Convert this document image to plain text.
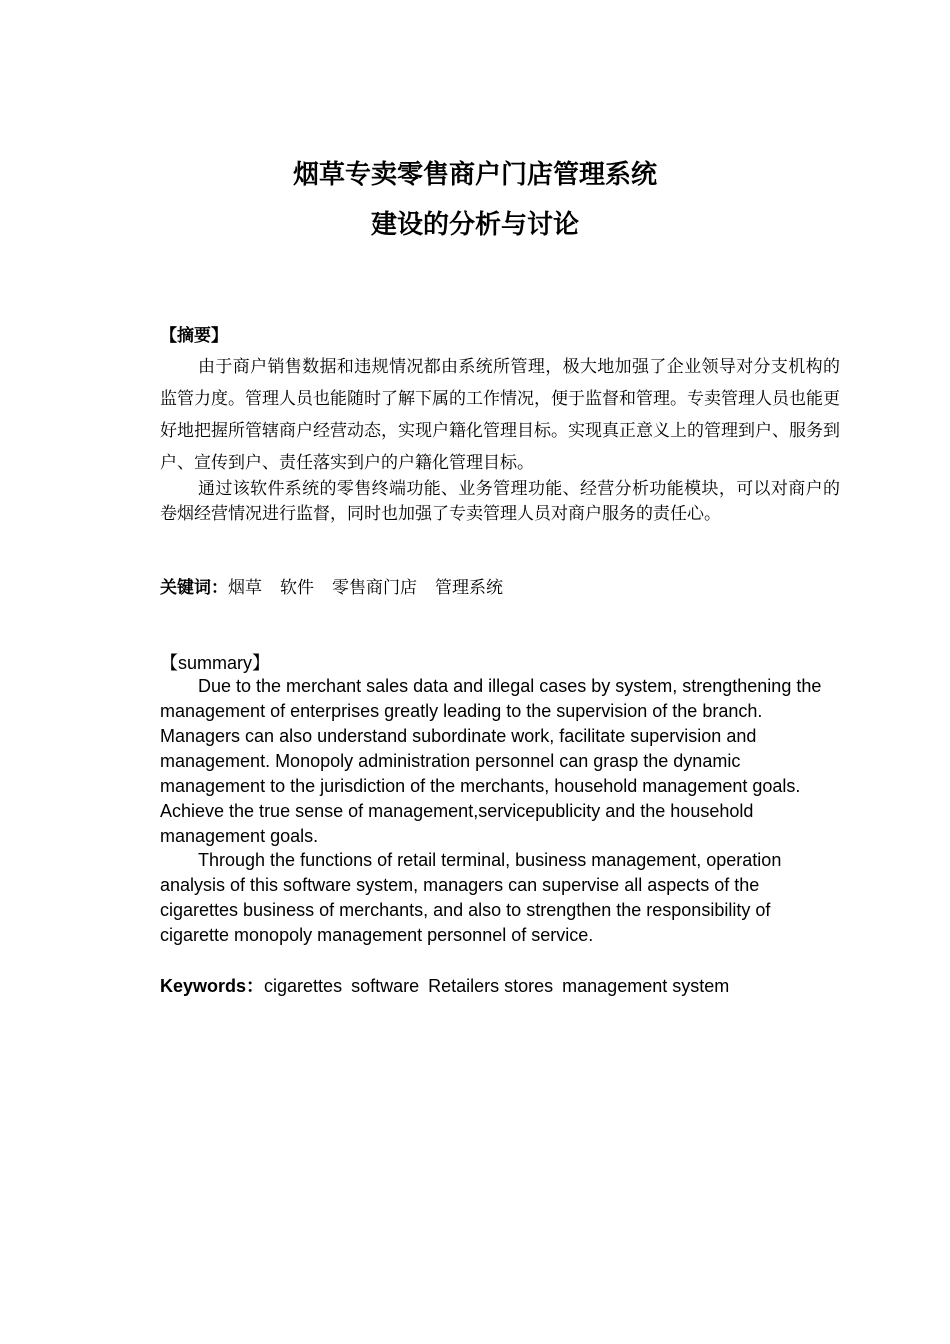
烟草专卖零售商户门店管理系统
建设的分析与讨论
【摘要】

由于商户销售数据和违规情况都由系统所管理，极大地加强了企业领导对分支机构的监管力度。管理人员也能随时了解下属的工作情况，便于监督和管理。专卖管理人员也能更好地把握所管辖商户经营动态，实现户籍化管理目标。实现真正意义上的管理到户、服务到户、宣传到户、责任落实到户的户籍化管理目标。

通过该软件系统的零售终端功能、业务管理功能、经营分析功能模块，可以对商户的卷烟经营情况进行监督，同时也加强了专卖管理人员对商户服务的责任心。

关键词：烟草 软件 零售商门店 管理系统
【summary】

Due to the merchant sales data and illegal cases by system, strengthening the management of enterprises greatly leading to the supervision of the branch. Managers can also understand subordinate work, facilitate supervision and management. Monopoly administration personnel can grasp the dynamic management to the jurisdiction of the merchants, household management goals. Achieve the true sense of management,servicepublicity and the household management goals.

Through the functions of retail terminal, business management, operation analysis of this software system, managers can supervise all aspects of the cigarettes business of merchants, and also to strengthen the responsibility of cigarette monopoly management personnel of service.

Keywords：cigarettes software Retailers stores management system
